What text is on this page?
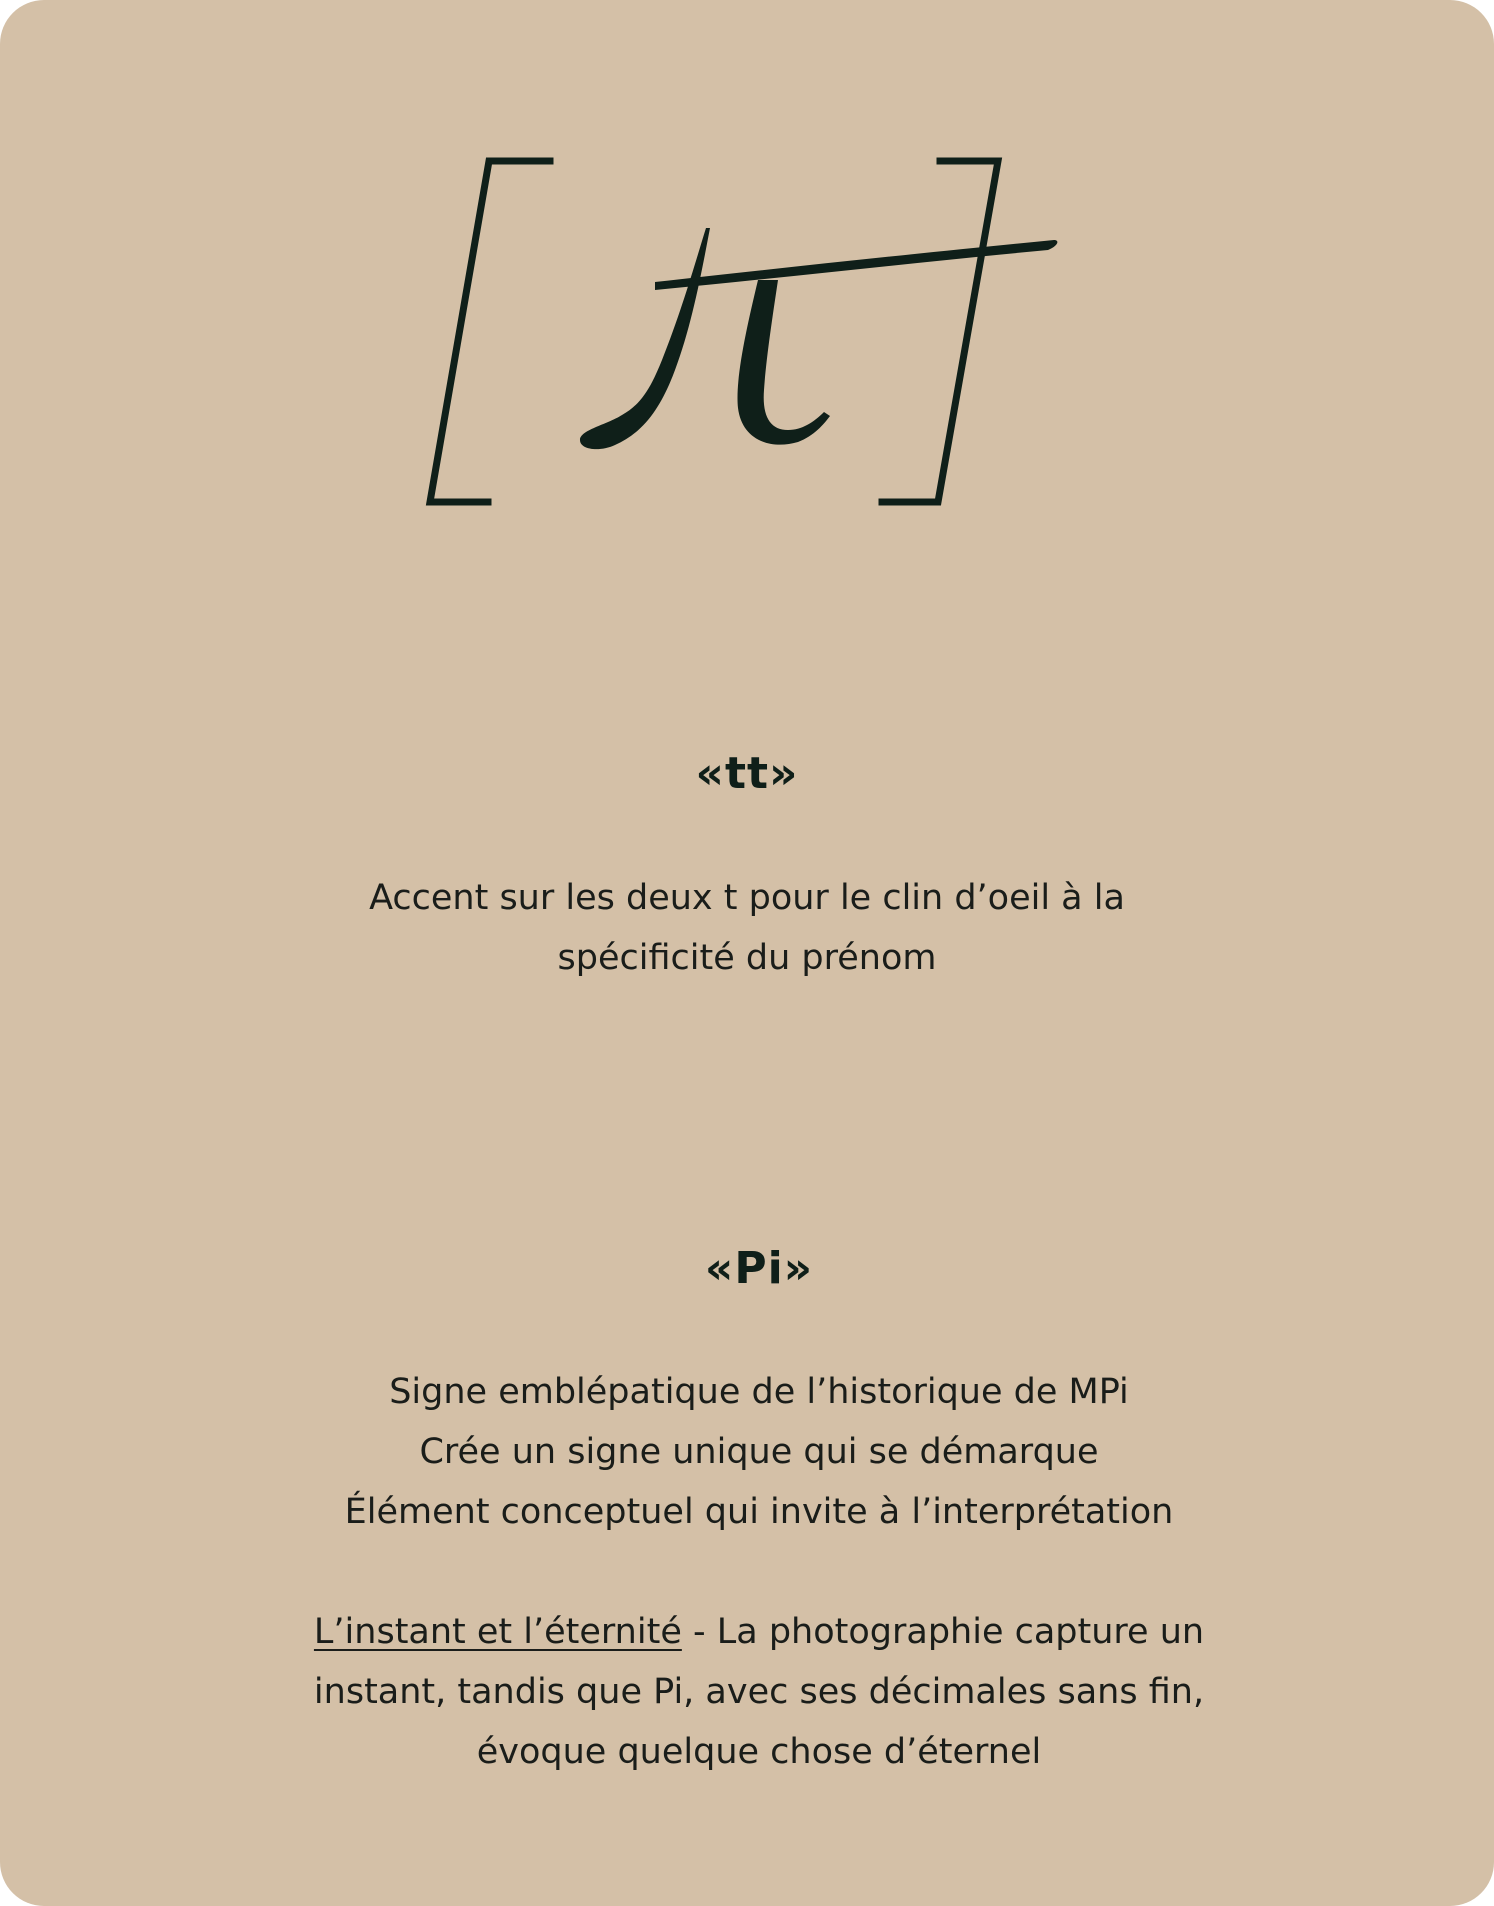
«tt»
Accent sur les deux t pour le clin d’oeil à la
spécificité du prénom
«Pi»
Signe emblépatique de l’historique de MPi
Crée un signe unique qui se démarque
Élément conceptuel qui invite à l’interprétation
L’instant et l’éternité - La photographie capture un
instant, tandis que Pi, avec ses décimales sans fin,
évoque quelque chose d’éternel
